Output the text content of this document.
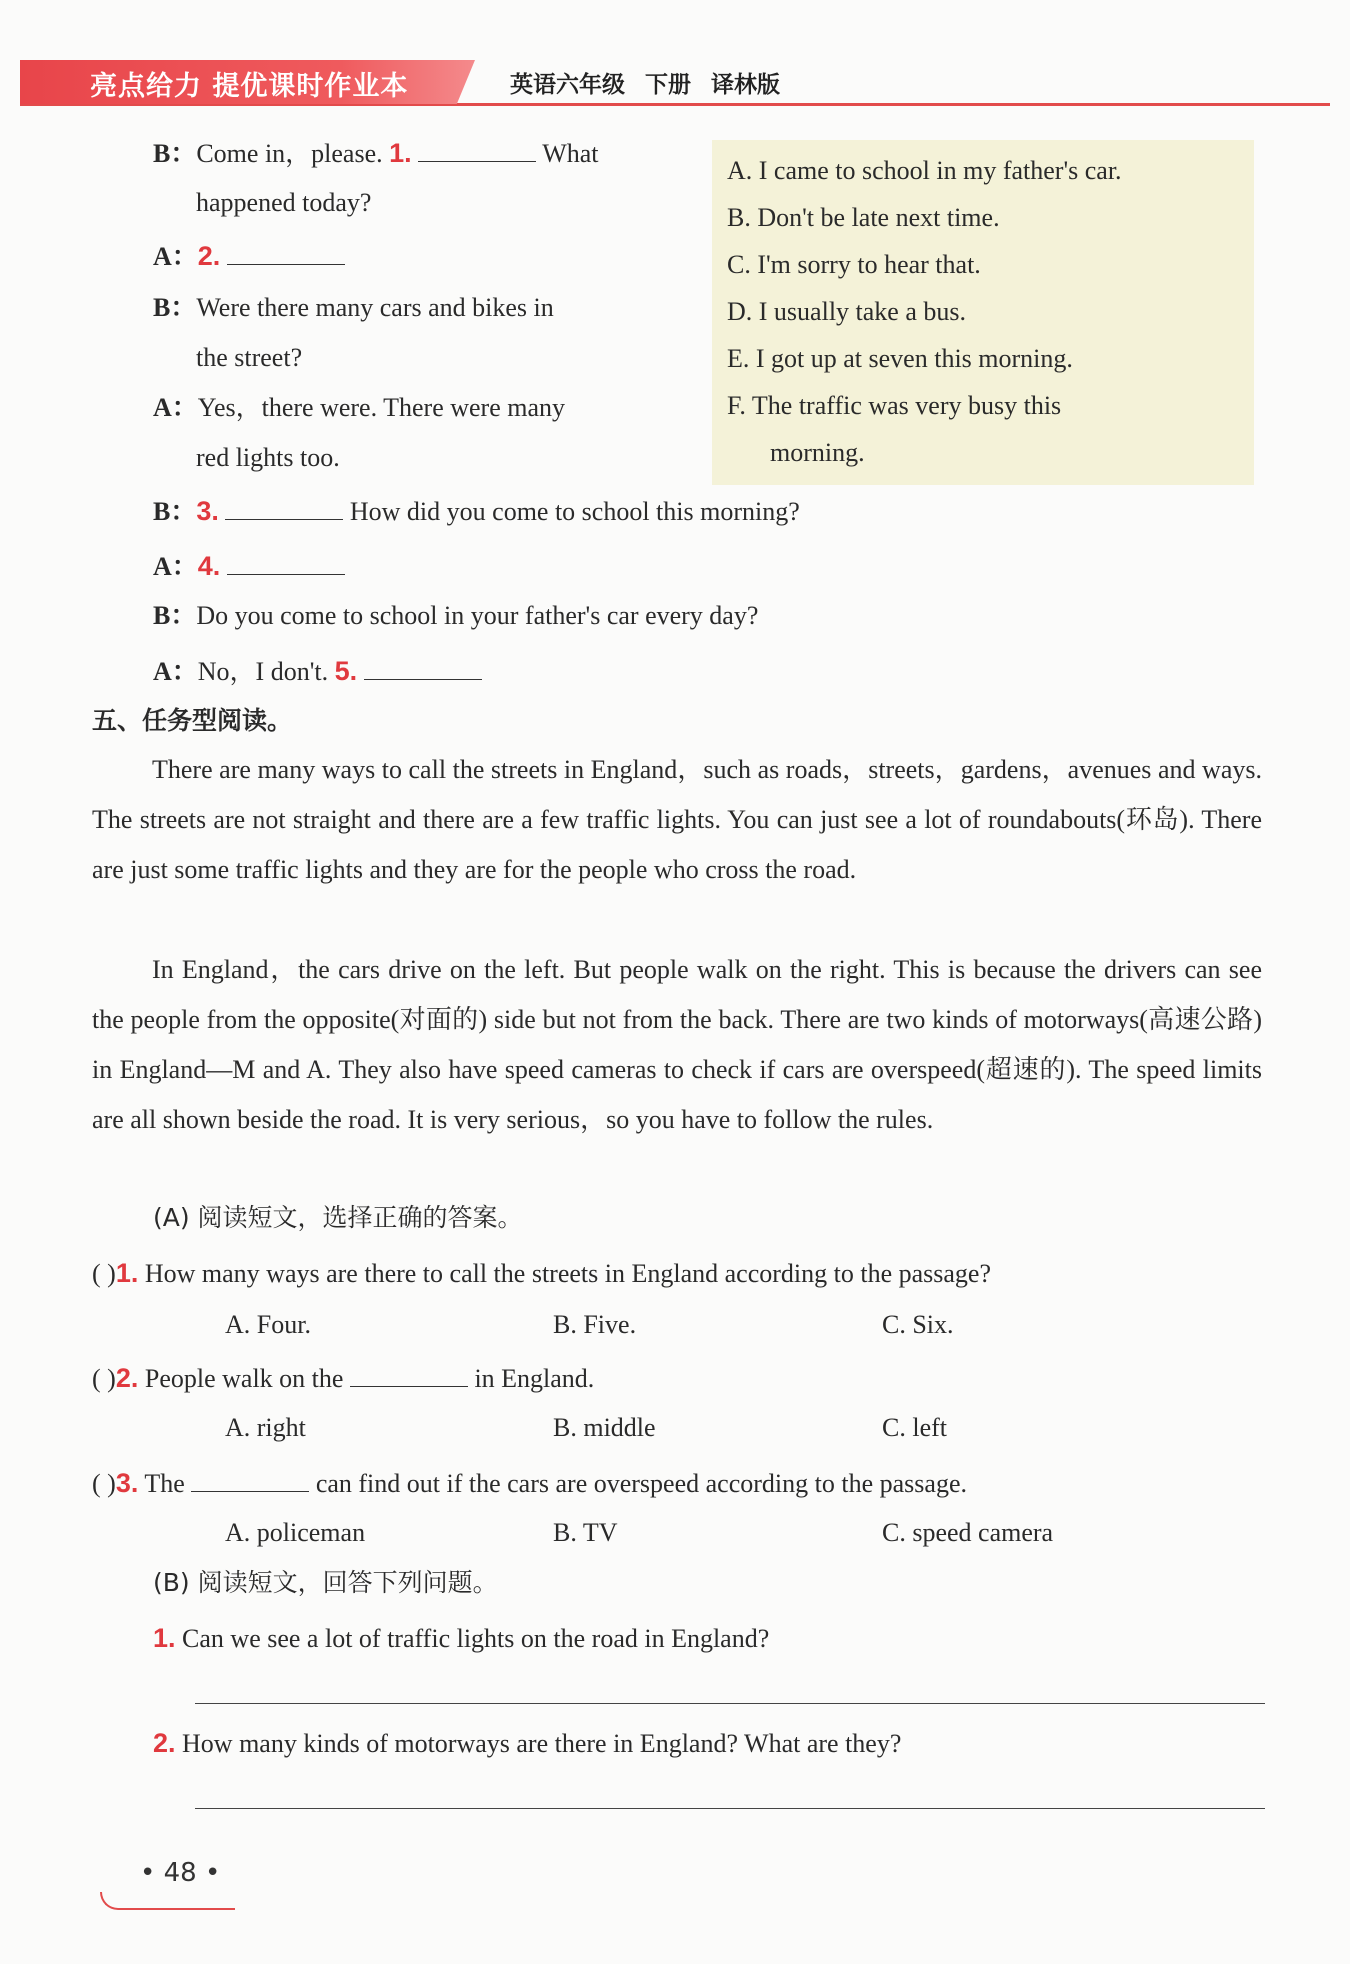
亮点给力 提优课时作业本	英语六年级 下册 译林版
B：Come in，please. 1.	What
happened today?
A：2.
B：Were there many cars and bikes in
the street?
A：Yes，there were. There were many
red lights too.
B：3.	How did you come to school this morning?
A：4.
B：Do you come to school in your father's car every day?
A：No，I don't. 5.
A. I came to school in my father's car.
B. Don't be late next time.
C. I'm sorry to hear that.
D. I usually take a bus.
E. I got up at seven this morning.
F. The traffic was very busy this
morning.
五、任务型阅读。
There are many ways to call the streets in England，such as roads，streets，gardens，avenues and ways. The streets are not straight and there are a few traffic lights. You can just see a lot of roundabouts(环岛). There are just some traffic lights and they are for the people who cross the road.
In England，the cars drive on the left. But people walk on the right. This is because the drivers can see the people from the opposite(对面的) side but not from the back. There are two kinds of motorways(高速公路) in England—M and A. They also have speed cameras to check if cars are overspeed(超速的). The speed limits are all shown beside the road. It is very serious，so you have to follow the rules.
(A) 阅读短文，选择正确的答案。
( )1. How many ways are there to call the streets in England according to the passage?
A. Four.	B. Five.	C. Six.
( )2. People walk on the	in England.
A. right	B. middle	C. left
( )3. The	can find out if the cars are overspeed according to the passage.
A. policeman	B. TV	C. speed camera
(B) 阅读短文，回答下列问题。
1. Can we see a lot of traffic lights on the road in England?
2. How many kinds of motorways are there in England? What are they?
• 48 •
